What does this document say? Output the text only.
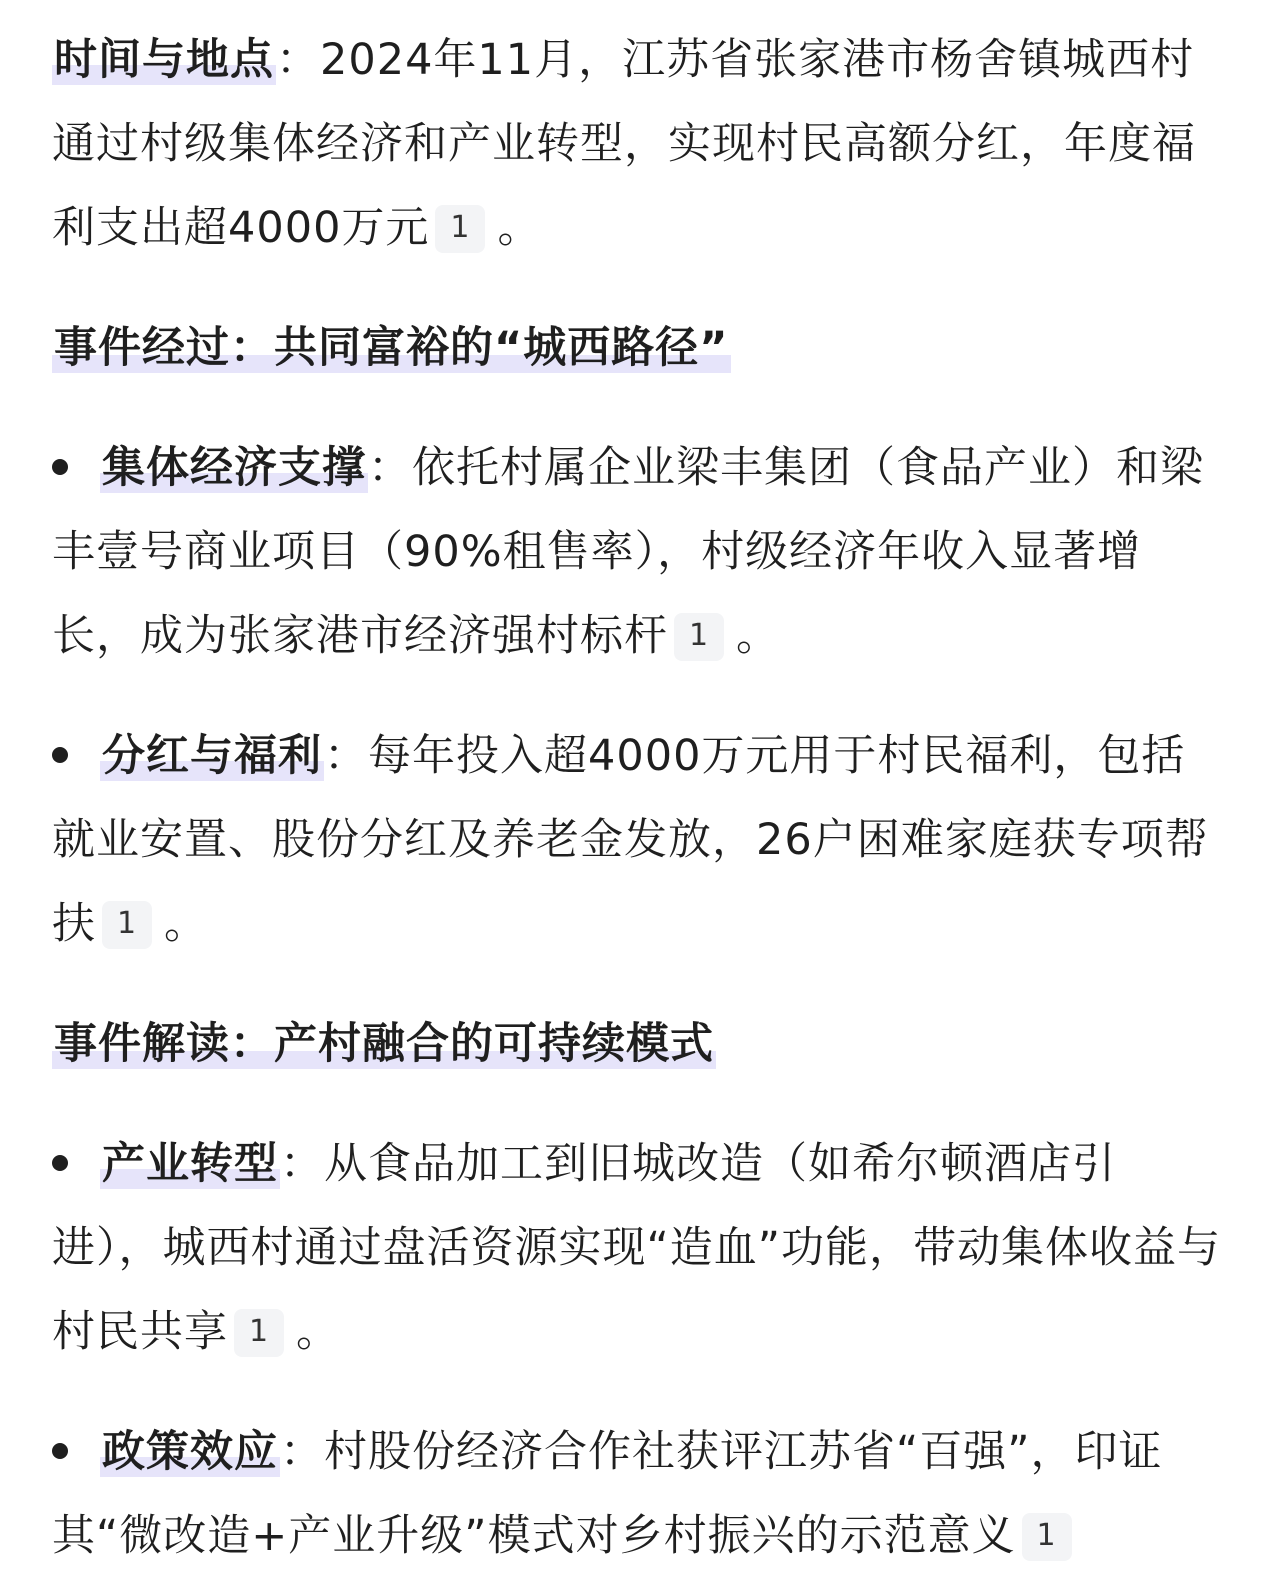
时间与地点：2024年11月，江苏省张家港市杨舍镇城西村通过村级集体经济和产业转型，实现村民高额分红，年度福利支出超4000万元 1 。

事件经过：共同富裕的“城西路径”

集体经济支撑：依托村属企业梁丰集团（食品产业）和梁丰壹号商业项目（90%租售率），村级经济年收入显著增长，成为张家港市经济强村标杆 1 。

分红与福利：每年投入超4000万元用于村民福利，包括就业安置、股份分红及养老金发放，26户困难家庭获专项帮扶 1 。

事件解读：产村融合的可持续模式

产业转型：从食品加工到旧城改造（如希尔顿酒店引进），城西村通过盘活资源实现“造血”功能，带动集体收益与村民共享 1 。

政策效应：村股份经济合作社获评江苏省“百强”，印证其“微改造+产业升级”模式对乡村振兴的示范意义 1
